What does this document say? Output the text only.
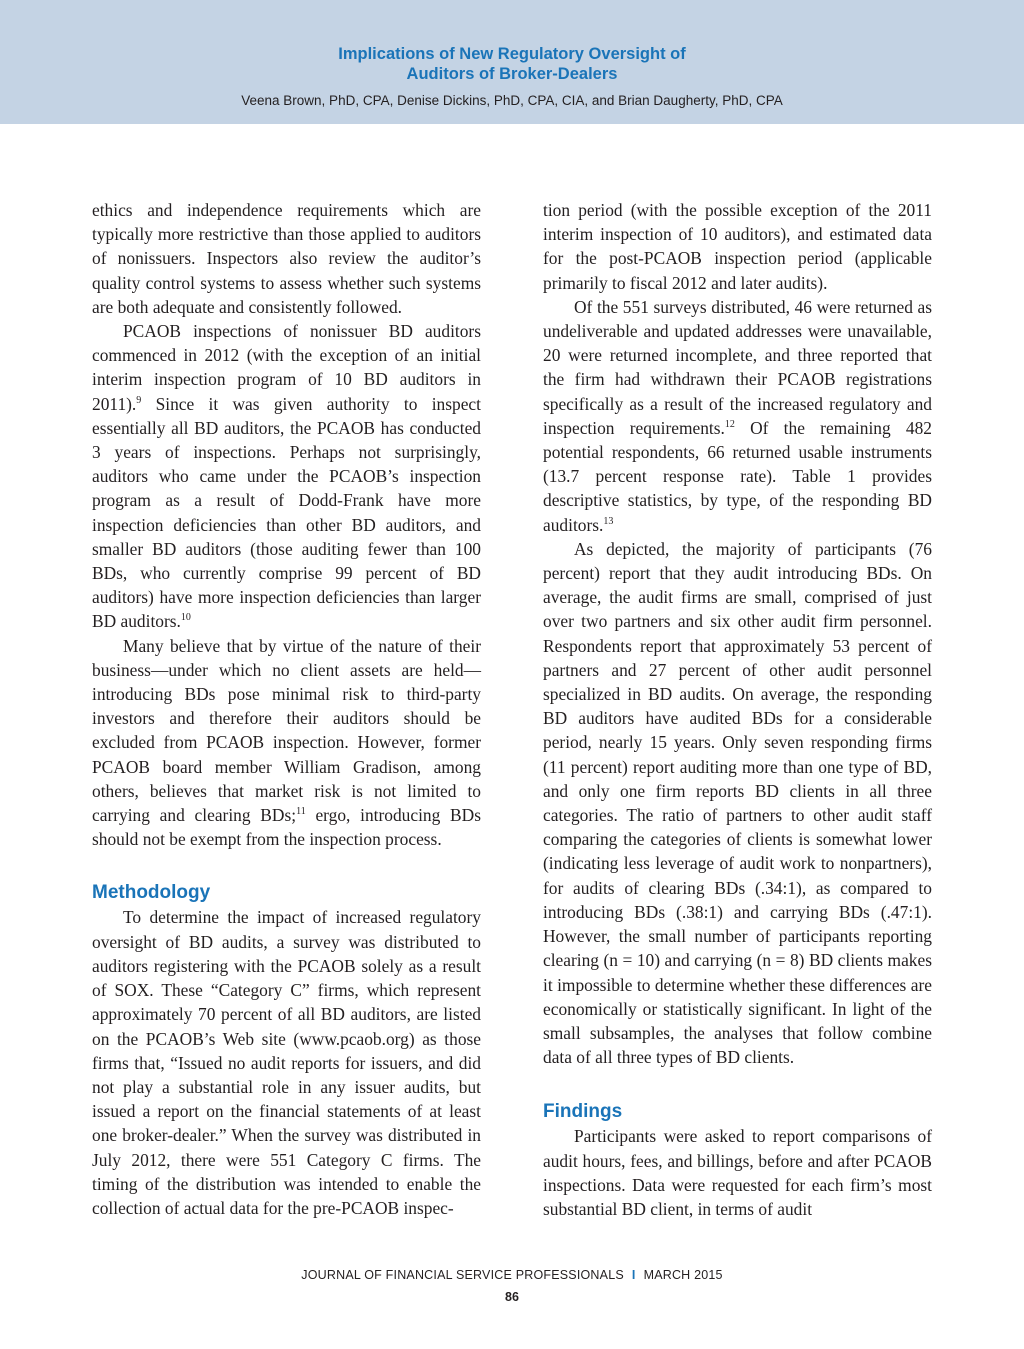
Implications of New Regulatory Oversight of
Auditors of Broker-Dealers
Veena Brown, PhD, CPA, Denise Dickins, PhD, CPA, CIA, and Brian Daugherty, PhD, CPA

ethics and independence requirements which are typically more restrictive than those applied to auditors of nonissuers. Inspectors also review the auditor’s quality control systems to assess whether such systems are both adequate and consistently followed.

PCAOB inspections of nonissuer BD auditors commenced in 2012 (with the exception of an initial interim inspection program of 10 BD auditors in 2011).$^9$ Since it was given authority to inspect essentially all BD auditors, the PCAOB has conducted 3 years of inspections. Perhaps not surprisingly, auditors who came under the PCAOB’s inspection program as a result of Dodd-Frank have more inspection deficiencies than other BD auditors, and smaller BD auditors (those auditing fewer than 100 BDs, who currently comprise 99 percent of BD auditors) have more inspection deficiencies than larger BD auditors.$^{10}$

Many believe that by virtue of the nature of their business—under which no client assets are held—introducing BDs pose minimal risk to third-party investors and therefore their auditors should be excluded from PCAOB inspection. However, former PCAOB board member William Gradison, among others, believes that market risk is not limited to carrying and clearing BDs;$^{11}$ ergo, introducing BDs should not be exempt from the inspection process.

Methodology

To determine the impact of increased regulatory oversight of BD audits, a survey was distributed to auditors registering with the PCAOB solely as a result of SOX. These “Category C” firms, which represent approximately 70 percent of all BD auditors, are listed on the PCAOB’s Web site (www.pcaob.org) as those firms that, “Issued no audit reports for issuers, and did not play a substantial role in any issuer audits, but issued a report on the financial statements of at least one broker-dealer.” When the survey was distributed in July 2012, there were 551 Category C firms. The timing of the distribution was intended to enable the collection of actual data for the pre-PCAOB inspec-

tion period (with the possible exception of the 2011 interim inspection of 10 auditors), and estimated data for the post-PCAOB inspection period (applicable primarily to fiscal 2012 and later audits).

Of the 551 surveys distributed, 46 were returned as undeliverable and updated addresses were unavailable, 20 were returned incomplete, and three reported that the firm had withdrawn their PCAOB registrations specifically as a result of the increased regulatory and inspection requirements.$^{12}$ Of the remaining 482 potential respondents, 66 returned usable instruments (13.7 percent response rate). Table 1 provides descriptive statistics, by type, of the responding BD auditors.$^{13}$

As depicted, the majority of participants (76 percent) report that they audit introducing BDs. On average, the audit firms are small, comprised of just over two partners and six other audit firm personnel. Respondents report that approximately 53 percent of partners and 27 percent of other audit personnel specialized in BD audits. On average, the responding BD auditors have audited BDs for a considerable period, nearly 15 years. Only seven responding firms (11 percent) report auditing more than one type of BD, and only one firm reports BD clients in all three categories. The ratio of partners to other audit staff comparing the categories of clients is somewhat lower (indicating less leverage of audit work to nonpartners), for audits of clearing BDs (.34:1), as compared to introducing BDs (.38:1) and carrying BDs (.47:1). However, the small number of participants reporting clearing (n = 10) and carrying (n = 8) BD clients makes it impossible to determine whether these differences are economically or statistically significant. In light of the small subsamples, the analyses that follow combine data of all three types of BD clients.

Findings

Participants were asked to report comparisons of audit hours, fees, and billings, before and after PCAOB inspections. Data were requested for each firm’s most substantial BD client, in terms of audit

JOURNAL OF FINANCIAL SERVICE PROFESSIONALS I MARCH 2015
86
